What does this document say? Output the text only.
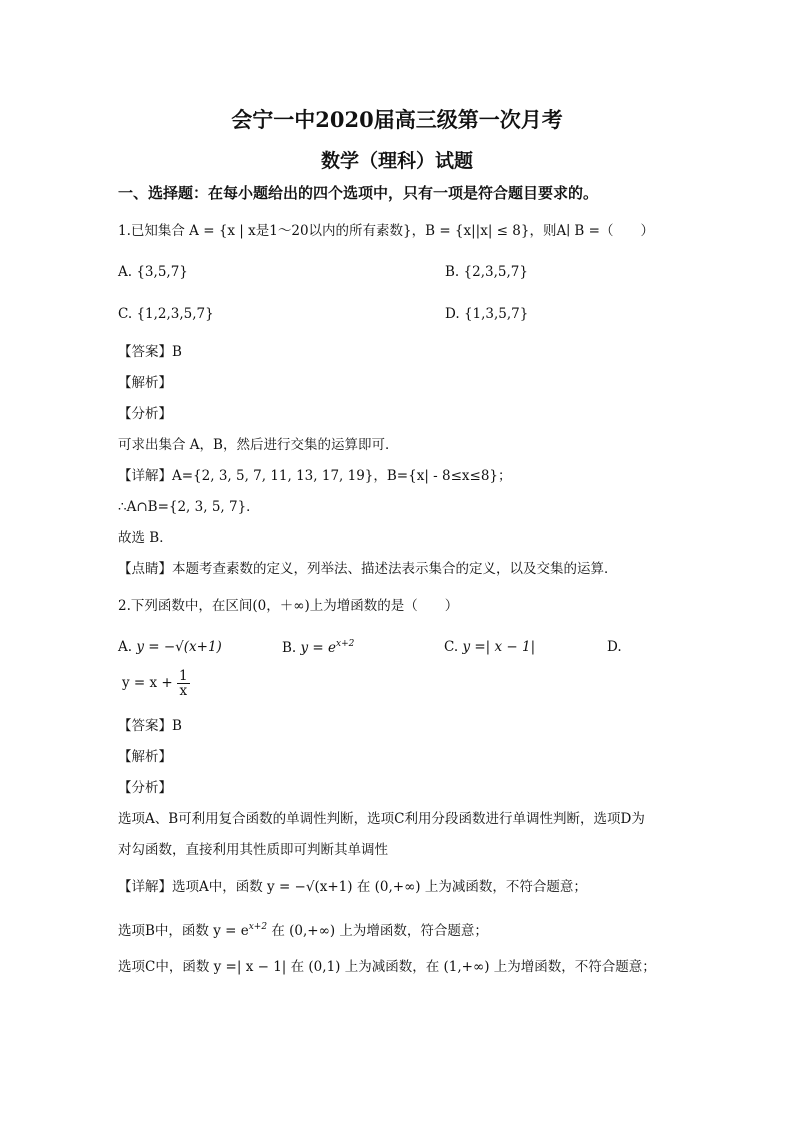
会宁一中2020届高三级第一次月考
数学（理科）试题
一、选择题：在每小题给出的四个选项中，只有一项是符合题目要求的。
1.已知集合 A = {x | x是1～20以内的所有素数}，B = {x||x| ≤ 8}，则A∣ B =（　　）
A. {3,5,7}	B. {2,3,5,7}
C. {1,2,3,5,7}	D. {1,3,5,7}
【答案】B
【解析】
【分析】
可求出集合 A，B，然后进行交集的运算即可．
【详解】A={2, 3, 5, 7, 11, 13, 17, 19}，B={x| - 8≤x≤8}；
∴A∩B={2, 3, 5, 7}．
故选 B．
【点睛】本题考查素数的定义，列举法、描述法表示集合的定义，以及交集的运算．
2.下列函数中，在区间(0，＋∞)上为增函数的是（　　）
A. y = −√(x+1)	B. $y = e^{x+2}$	C. y =| x − 1|	D.
$y = x + \frac{1}{x}$
【答案】B
【解析】
【分析】
选项A、B可利用复合函数的单调性判断，选项C利用分段函数进行单调性判断，选项D为
对勾函数，直接利用其性质即可判断其单调性
【详解】选项A中，函数 y = −√(x+1) 在 (0,+∞) 上为减函数，不符合题意；
选项B中，函数 $y = e^{x+2}$ 在 (0,+∞) 上为增函数，符合题意；
选项C中，函数 y =| x − 1| 在 (0,1) 上为减函数，在 (1,+∞) 上为增函数，不符合题意；
